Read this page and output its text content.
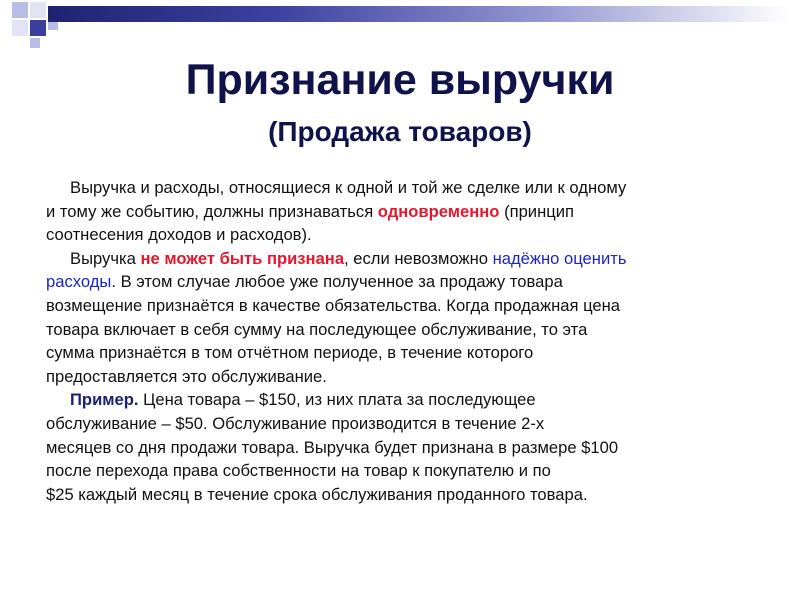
Признание выручки
(Продажа товаров)

Выручка и расходы, относящиеся к одной и той же сделке или к одному
и тому же событию, должны признаваться одновременно (принцип
соотнесения доходов и расходов).

Выручка не может быть признана, если невозможно надёжно оценить
расходы. В этом случае любое уже полученное за продажу товара
возмещение признаётся в качестве обязательства. Когда продажная цена
товара включает в себя сумму на последующее обслуживание, то эта
сумма признаётся в том отчётном периоде, в течение которого
предоставляется это обслуживание.

Пример. Цена товара – $150, из них плата за последующее
обслуживание – $50. Обслуживание производится в течение 2-х
месяцев со дня продажи товара. Выручка будет признана в размере $100
после перехода права собственности на товар к покупателю и по
$25 каждый месяц в течение срока обслуживания проданного товара.
